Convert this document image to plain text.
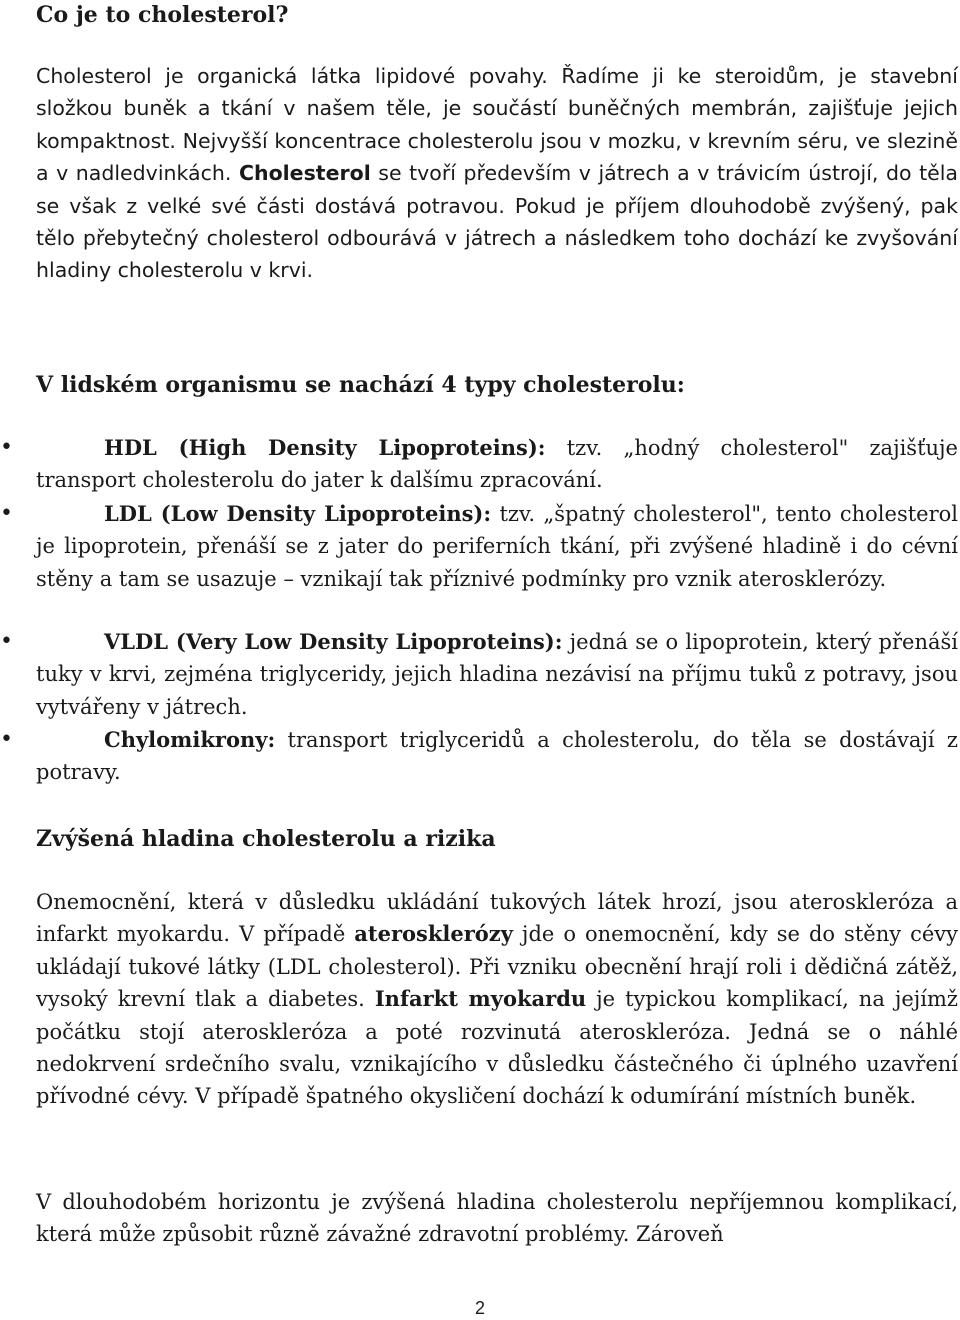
Co je to cholesterol?

Cholesterol je organická látka lipidové povahy. Řadíme ji ke steroidům, je stavební složkou buněk a tkání v našem těle, je součástí buněčných membrán, zajišťuje jejich kompaktnost. Nejvyšší koncentrace cholesterolu jsou v mozku, v krevním séru, ve slezině a v nadledvinkách. Cholesterol se tvoří především v játrech a v trávicím ústrojí, do těla se však z velké své části dostává potravou. Pokud je příjem dlouhodobě zvýšený, pak tělo přebytečný cholesterol odbourává v játrech a následkem toho dochází ke zvyšování hladiny cholesterolu v krvi.

V lidském organismu se nachází 4 typy cholesterolu:

•	HDL (High Density Lipoproteins): tzv. „hodný cholesterol" zajišťuje transport cholesterolu do jater k dalšímu zpracování.

•	LDL (Low Density Lipoproteins): tzv. „špatný cholesterol", tento cholesterol je lipoprotein, přenáší se z jater do periferních tkání, při zvýšené hladině i do cévní stěny a tam se usazuje – vznikají tak příznivé podmínky pro vznik aterosklerózy.

•	VLDL (Very Low Density Lipoproteins): jedná se o lipoprotein, který přenáší tuky v krvi, zejména triglyceridy, jejich hladina nezávisí na příjmu tuků z potravy, jsou vytvářeny v játrech.

•	Chylomikrony: transport triglyceridů a cholesterolu, do těla se dostávají z potravy.

Zvýšená hladina cholesterolu a rizika

Onemocnění, která v důsledku ukládání tukových látek hrozí, jsou ateroskleróza a infarkt myokardu. V případě aterosklerózy jde o onemocnění, kdy se do stěny cévy ukládají tukové látky (LDL cholesterol). Při vzniku obecnění hrají roli i dědičná zátěž, vysoký krevní tlak a diabetes. Infarkt myokardu je typickou komplikací, na jejímž počátku stojí ateroskleróza a poté rozvinutá ateroskleróza. Jedná se o náhlé nedokrvení srdečního svalu, vznikajícího v důsledku částečného či úplného uzavření přívodné cévy. V případě špatného okysličení dochází k odumírání místních buněk.

V dlouhodobém horizontu je zvýšená hladina cholesterolu nepříjemnou komplikací, která může způsobit různě závažné zdravotní problémy. Zároveň

2
